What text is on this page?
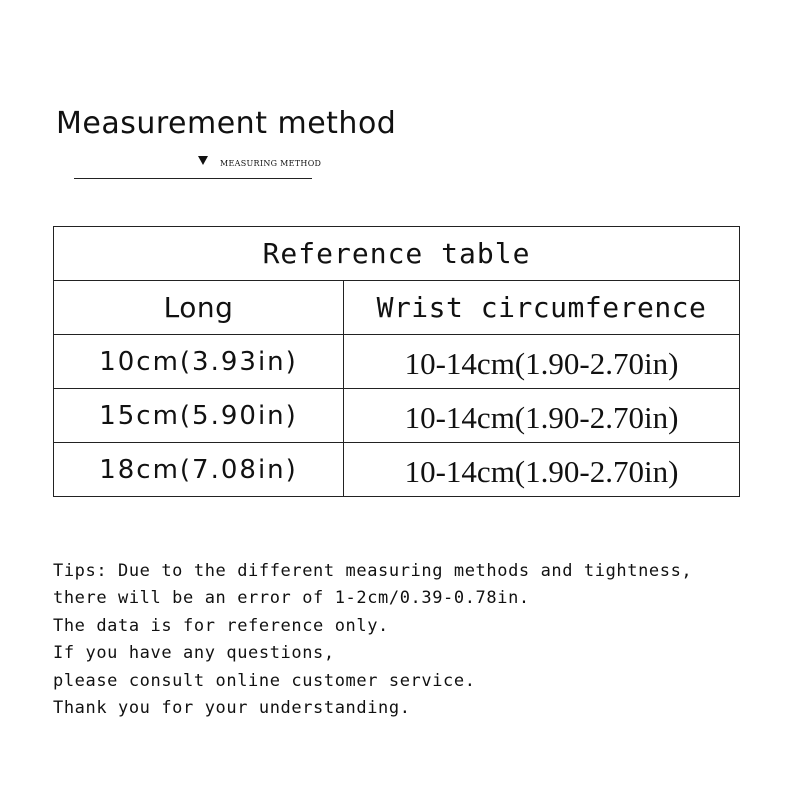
Measurement method
MEASURING METHOD
Reference table	
Long	Wrist circumference
10cm(3.93in)	10-14cm(1.90-2.70in)
15cm(5.90in)	10-14cm(1.90-2.70in)
18cm(7.08in)	10-14cm(1.90-2.70in)
Tips: Due to the different measuring methods and tightness,
there will be an error of 1-2cm/0.39-0.78in.
The data is for reference only.
If you have any questions,
please consult online customer service.
Thank you for your understanding.
